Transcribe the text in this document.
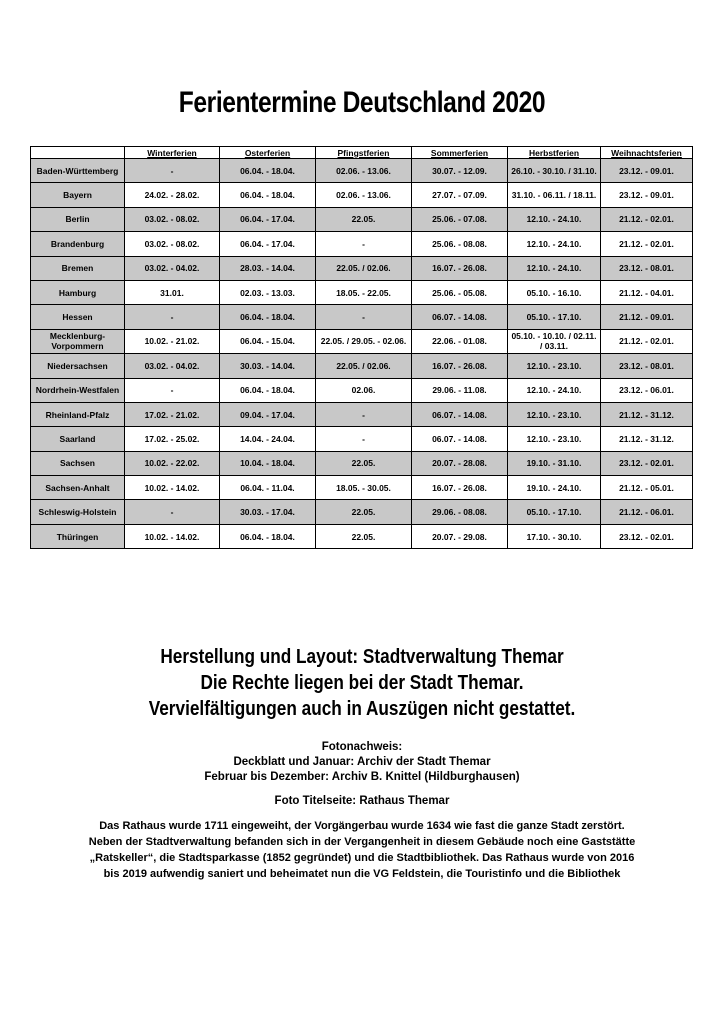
Ferientermine Deutschland 2020
	Winterferien	Osterferien	Pfingstferien	Sommerferien	Herbstferien	Weihnachtsferien
Baden-Württemberg	-	06.04. - 18.04.	02.06. - 13.06.	30.07. - 12.09.	26.10. - 30.10. / 31.10.	23.12. - 09.01.
Bayern	24.02. - 28.02.	06.04. - 18.04.	02.06. - 13.06.	27.07. - 07.09.	31.10. - 06.11. / 18.11.	23.12. - 09.01.
Berlin	03.02. - 08.02.	06.04. - 17.04.	22.05.	25.06. - 07.08.	12.10. - 24.10.	21.12. - 02.01.
Brandenburg	03.02. - 08.02.	06.04. - 17.04.	-	25.06. - 08.08.	12.10. - 24.10.	21.12. - 02.01.
Bremen	03.02. - 04.02.	28.03. - 14.04.	22.05. / 02.06.	16.07. - 26.08.	12.10. - 24.10.	23.12. - 08.01.
Hamburg	31.01.	02.03. - 13.03.	18.05. - 22.05.	25.06. - 05.08.	05.10. - 16.10.	21.12. - 04.01.
Hessen	-	06.04. - 18.04.	-	06.07. - 14.08.	05.10. - 17.10.	21.12. - 09.01.
Mecklenburg-Vorpommern	10.02. - 21.02.	06.04. - 15.04.	22.05. / 29.05. - 02.06.	22.06. - 01.08.	05.10. - 10.10. / 02.11. / 03.11.	21.12. - 02.01.
Niedersachsen	03.02. - 04.02.	30.03. - 14.04.	22.05. / 02.06.	16.07. - 26.08.	12.10. - 23.10.	23.12. - 08.01.
Nordrhein-Westfalen	-	06.04. - 18.04.	02.06.	29.06. - 11.08.	12.10. - 24.10.	23.12. - 06.01.
Rheinland-Pfalz	17.02. - 21.02.	09.04. - 17.04.	-	06.07. - 14.08.	12.10. - 23.10.	21.12. - 31.12.
Saarland	17.02. - 25.02.	14.04. - 24.04.	-	06.07. - 14.08.	12.10. - 23.10.	21.12. - 31.12.
Sachsen	10.02. - 22.02.	10.04. - 18.04.	22.05.	20.07. - 28.08.	19.10. - 31.10.	23.12. - 02.01.
Sachsen-Anhalt	10.02. - 14.02.	06.04. - 11.04.	18.05. - 30.05.	16.07. - 26.08.	19.10. - 24.10.	21.12. - 05.01.
Schleswig-Holstein	-	30.03. - 17.04.	22.05.	29.06. - 08.08.	05.10. - 17.10.	21.12. - 06.01.
Thüringen	10.02. - 14.02.	06.04. - 18.04.	22.05.	20.07. - 29.08.	17.10. - 30.10.	23.12. - 02.01.
Herstellung und Layout: Stadtverwaltung Themar
Die Rechte liegen bei der Stadt Themar.
Vervielfältigungen auch in Auszügen nicht gestattet.
Fotonachweis:
Deckblatt und Januar: Archiv der Stadt Themar
Februar bis Dezember: Archiv B. Knittel (Hildburghausen)
Foto Titelseite: Rathaus Themar
Das Rathaus wurde 1711 eingeweiht, der Vorgängerbau wurde 1634 wie fast die ganze Stadt zerstört. Neben der Stadtverwaltung befanden sich in der Vergangenheit in diesem Gebäude noch eine Gaststätte „Ratskeller“, die Stadtsparkasse (1852 gegründet) und die Stadtbibliothek. Das Rathaus wurde von 2016 bis 2019 aufwendig saniert und beheimatet nun die VG Feldstein, die Touristinfo und die Bibliothek
